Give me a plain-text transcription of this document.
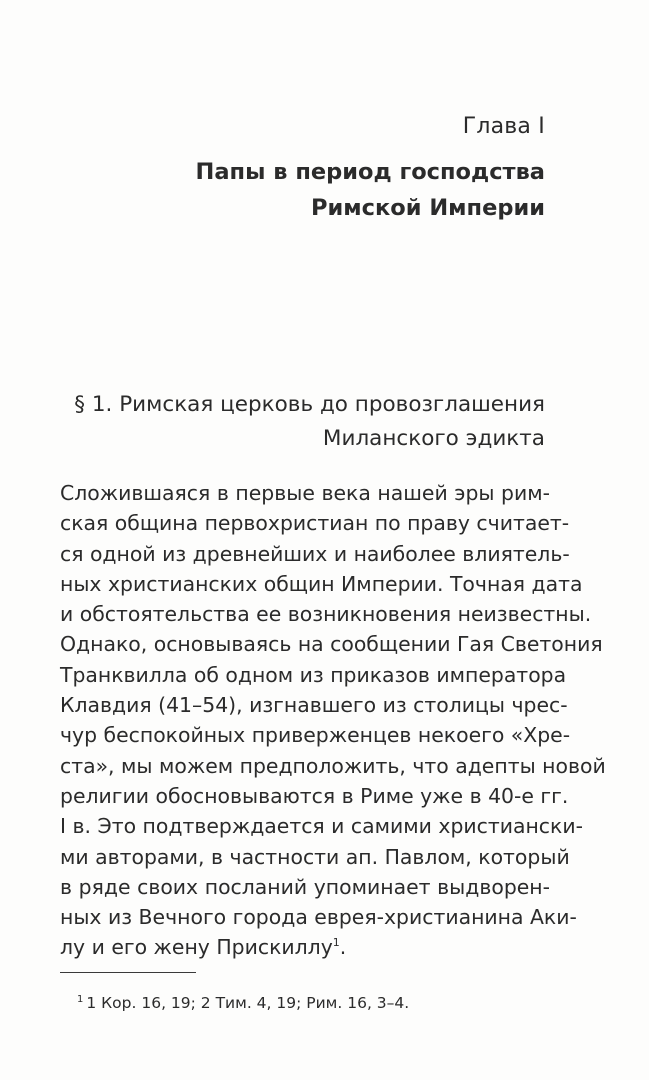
Глава I
Папы в период господства
Римской Империи
§ 1. Римская церковь до провозглашения
Миланского эдикта
Сложившаяся в первые века нашей эры рим-
ская община первохристиан по праву считает-
ся одной из древнейших и наиболее влиятель-
ных христианских общин Империи. Точная дата
и обстоятельства ее возникновения неизвестны.
Однако, основываясь на сообщении Гая Светония
Транквилла об одном из приказов императора
Клавдия (41–54), изгнавшего из столицы чрес-
чур беспокойных приверженцев некоего «Хре-
ста», мы можем предположить, что адепты новой
религии обосновываются в Риме уже в 40-е гг.
I в. Это подтверждается и самими христиански-
ми авторами, в частности ап. Павлом, который
в ряде своих посланий упоминает выдворен-
ных из Вечного города еврея-христианина Аки-
лу и его жену Прискиллу$^1$.
$^1$ 1 Кор. 16, 19; 2 Тим. 4, 19; Рим. 16, 3–4.
